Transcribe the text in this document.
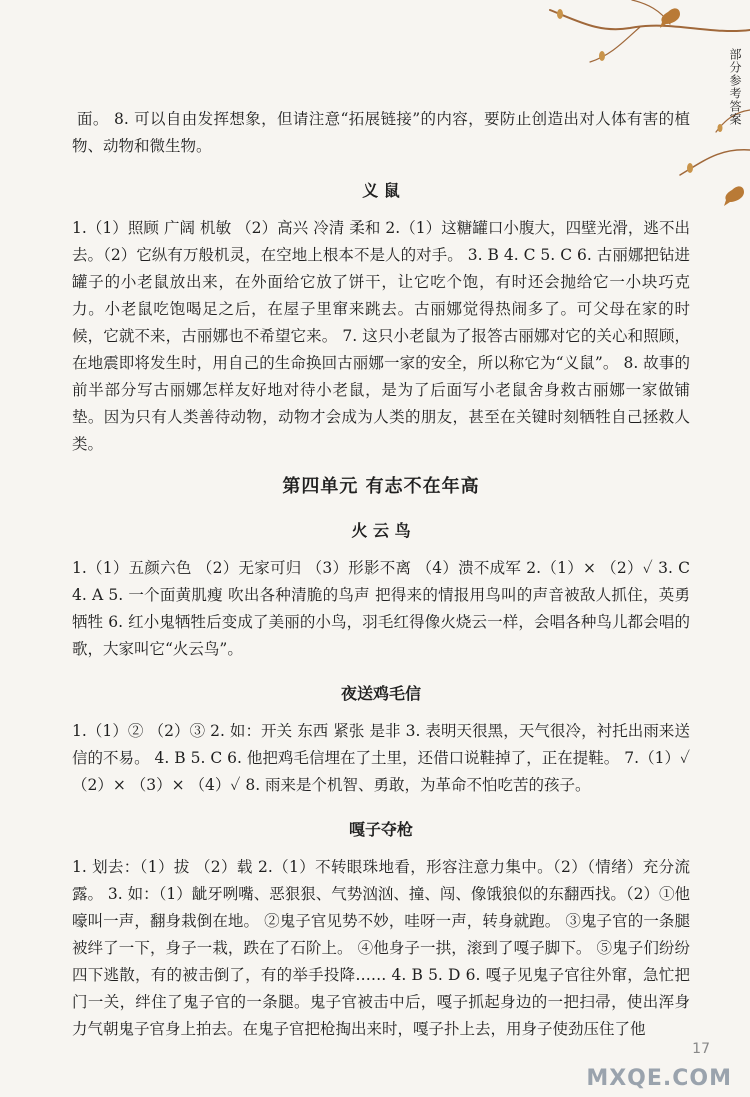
部分参考答案

面。 8. 可以自由发挥想象，但请注意“拓展链接”的内容，要防止创造出对人体有害的植物、动物和微生物。

义 鼠

1.（1）照顾 广阔 机敏 （2）高兴 冷清 柔和 2.（1）这糖罐口小腹大，四壁光滑，逃不出去。（2）它纵有万般机灵，在空地上根本不是人的对手。 3. B 4. C 5. C 6. 古丽娜把钻进罐子的小老鼠放出来，在外面给它放了饼干，让它吃个饱，有时还会抛给它一小块巧克力。小老鼠吃饱喝足之后，在屋子里窜来跳去。古丽娜觉得热闹多了。可父母在家的时候，它就不来，古丽娜也不希望它来。 7. 这只小老鼠为了报答古丽娜对它的关心和照顾，在地震即将发生时，用自己的生命换回古丽娜一家的安全，所以称它为“义鼠”。 8. 故事的前半部分写古丽娜怎样友好地对待小老鼠，是为了后面写小老鼠舍身救古丽娜一家做铺垫。因为只有人类善待动物，动物才会成为人类的朋友，甚至在关键时刻牺牲自己拯救人类。

第四单元 有志不在年高
火 云 鸟

1.（1）五颜六色 （2）无家可归 （3）形影不离 （4）溃不成军 2.（1）× （2）✓ 3. C 4. A 5. 一个面黄肌瘦 吹出各种清脆的鸟声 把得来的情报用鸟叫的声音被敌人抓住，英勇牺牲 6. 红小鬼牺牲后变成了美丽的小鸟，羽毛红得像火烧云一样，会唱各种鸟儿都会唱的歌，大家叫它“火云鸟”。

夜送鸡毛信

1.（1）② （2）③ 2. 如：开关 东西 紧张 是非 3. 表明天很黑，天气很冷，衬托出雨来送信的不易。 4. B 5. C 6. 他把鸡毛信埋在了土里，还借口说鞋掉了，正在提鞋。 7.（1）✓ （2）× （3）× （4）✓ 8. 雨来是个机智、勇敢，为革命不怕吃苦的孩子。

嘎子夺枪

1. 划去：（1）拔 （2）载 2.（1）不转眼珠地看，形容注意力集中。（2）（情绪）充分流露。 3. 如：（1）龇牙咧嘴、恶狠狠、气势汹汹、撞、闯、像饿狼似的东翻西找。（2）①他嚎叫一声，翻身栽倒在地。 ②鬼子官见势不妙，哇呀一声，转身就跑。 ③鬼子官的一条腿被绊了一下，身子一栽，跌在了石阶上。 ④他身子一拱，滚到了嘎子脚下。 ⑤鬼子们纷纷四下逃散，有的被击倒了，有的举手投降…… 4. B 5. D 6. 嘎子见鬼子官往外窜，急忙把门一关，绊住了鬼子官的一条腿。鬼子官被击中后，嘎子抓起身边的一把扫帚，使出浑身力气朝鬼子官身上拍去。在鬼子官把枪掏出来时，嘎子扑上去，用身子使劲压住了他

17
MXQE.COM
